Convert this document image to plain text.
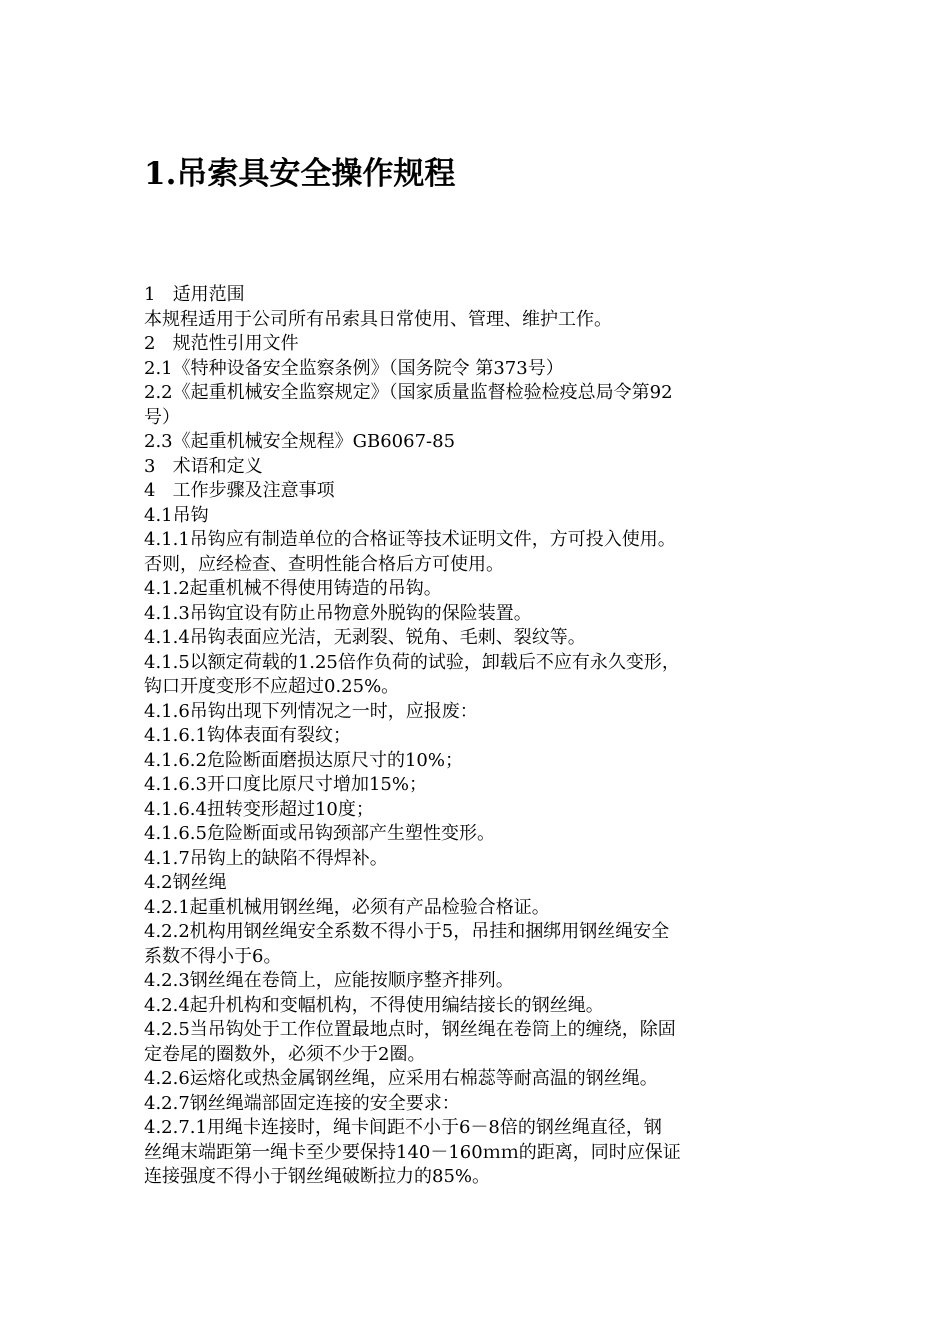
1.吊索具安全操作规程

1   适用范围

本规程适用于公司所有吊索具日常使用、管理、维护工作。

2   规范性引用文件

2.1《特种设备安全监察条例》（国务院令 第373号）

2.2《起重机械安全监察规定》（国家质量监督检验检疫总局令第92

号）

2.3《起重机械安全规程》GB6067-85

3   术语和定义

4   工作步骤及注意事项

4.1吊钩

4.1.1吊钩应有制造单位的合格证等技术证明文件，方可投入使用。

否则，应经检查、查明性能合格后方可使用。

4.1.2起重机械不得使用铸造的吊钩。

4.1.3吊钩宜设有防止吊物意外脱钩的保险装置。

4.1.4吊钩表面应光洁，无剥裂、锐角、毛刺、裂纹等。

4.1.5以额定荷载的1.25倍作负荷的试验，卸载后不应有永久变形，

钩口开度变形不应超过0.25%。

4.1.6吊钩出现下列情况之一时，应报废：

4.1.6.1钩体表面有裂纹；

4.1.6.2危险断面磨损达原尺寸的10%；

4.1.6.3开口度比原尺寸增加15%；

4.1.6.4扭转变形超过10度；

4.1.6.5危险断面或吊钩颈部产生塑性变形。

4.1.7吊钩上的缺陷不得焊补。

4.2钢丝绳

4.2.1起重机械用钢丝绳，必须有产品检验合格证。

4.2.2机构用钢丝绳安全系数不得小于5，吊挂和捆绑用钢丝绳安全

系数不得小于6。

4.2.3钢丝绳在卷筒上，应能按顺序整齐排列。

4.2.4起升机构和变幅机构，不得使用编结接长的钢丝绳。

4.2.5当吊钩处于工作位置最地点时，钢丝绳在卷筒上的缠绕，除固

定卷尾的圈数外，必须不少于2圈。

4.2.6运熔化或热金属钢丝绳，应采用右棉蕊等耐高温的钢丝绳。

4.2.7钢丝绳端部固定连接的安全要求：

4.2.7.1用绳卡连接时，绳卡间距不小于6－8倍的钢丝绳直径，钢

丝绳末端距第一绳卡至少要保持140－160ｍｍ的距离，同时应保证

连接强度不得小于钢丝绳破断拉力的85%。
